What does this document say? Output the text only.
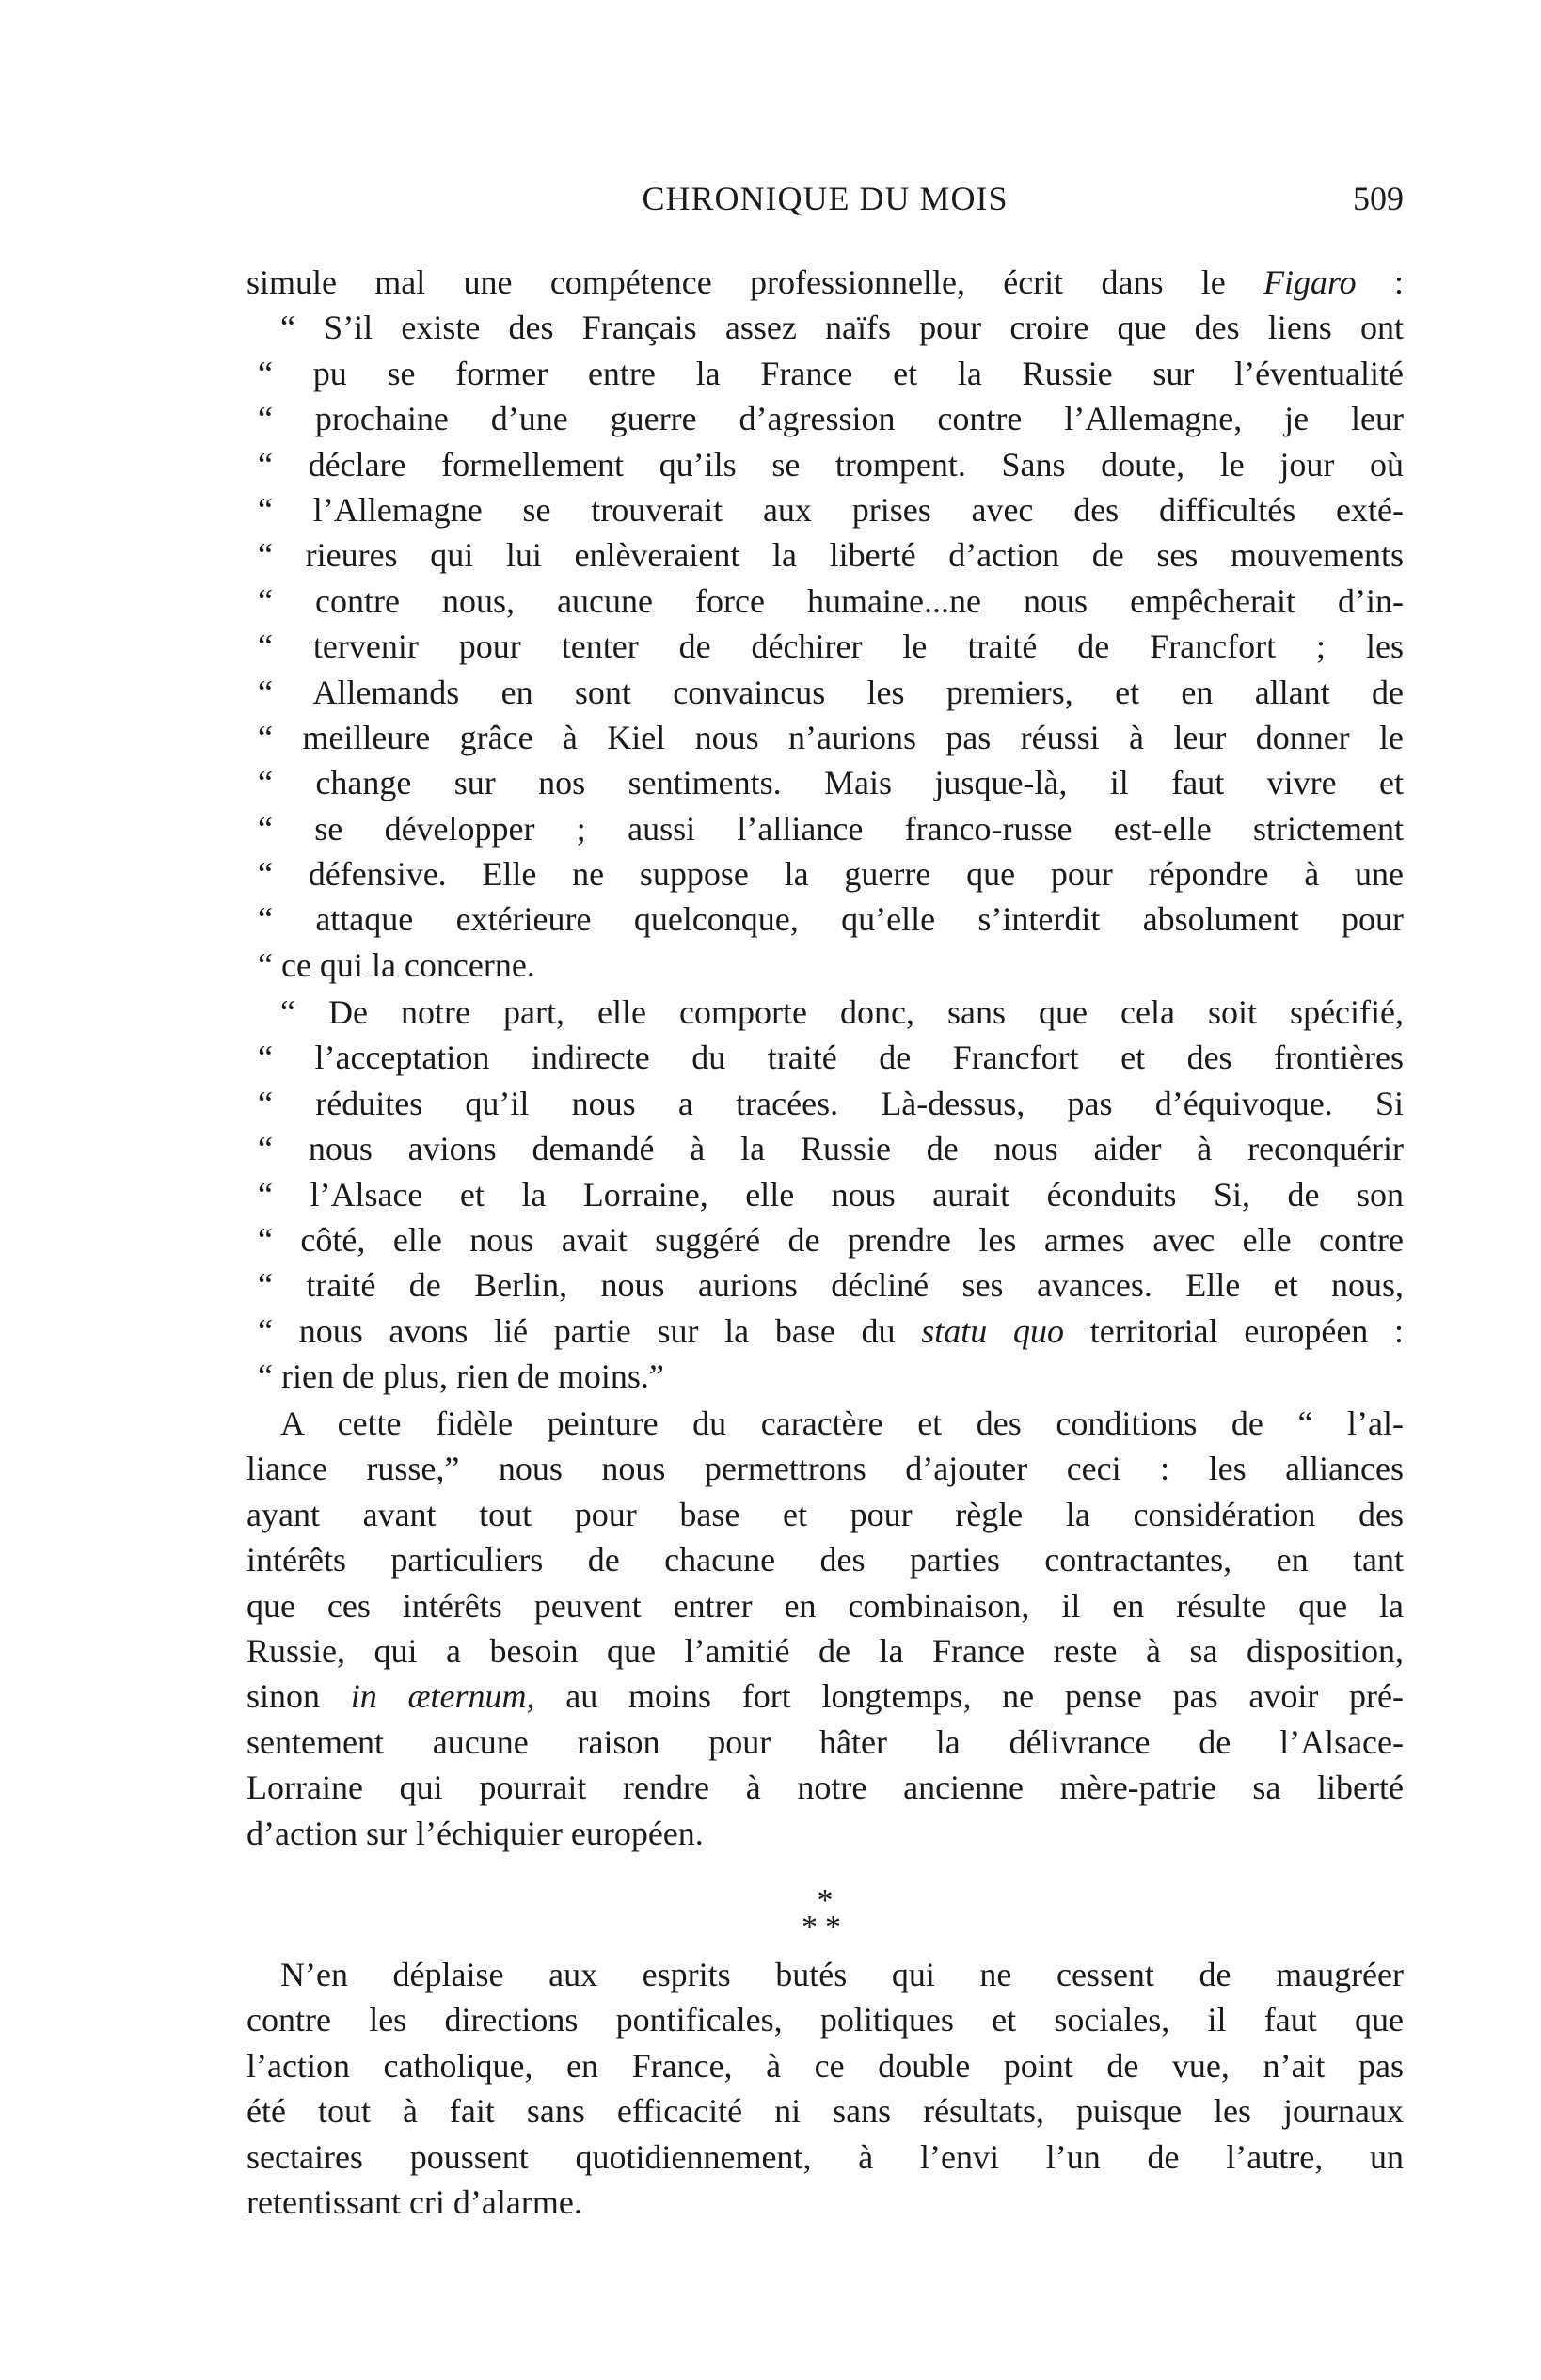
CHRONIQUE DU MOIS	509
simule mal une compétence professionnelle, écrit dans le Figaro :
“ S’il existe des Français assez naïfs pour croire que des liens ont
“ pu se former entre la France et la Russie sur l’éventualité
“ prochaine d’une guerre d’agression contre l’Allemagne, je leur
“ déclare formellement qu’ils se trompent. Sans doute, le jour où
“ l’Allemagne se trouverait aux prises avec des difficultés exté-
“ rieures qui lui enlèveraient la liberté d’action de ses mouvements
“ contre nous, aucune force humaine...ne nous empêcherait d’in-
“ tervenir pour tenter de déchirer le traité de Francfort ; les
“ Allemands en sont convaincus les premiers, et en allant de
“ meilleure grâce à Kiel nous n’aurions pas réussi à leur donner le
“ change sur nos sentiments. Mais jusque-là, il faut vivre et
“ se développer ; aussi l’alliance franco-russe est-elle strictement
“ défensive. Elle ne suppose la guerre que pour répondre à une
“ attaque extérieure quelconque, qu’elle s’interdit absolument pour
“ ce qui la concerne.
“ De notre part, elle comporte donc, sans que cela soit spécifié,
“ l’acceptation indirecte du traité de Francfort et des frontières
“ réduites qu’il nous a tracées. Là-dessus, pas d’équivoque. Si
“ nous avions demandé à la Russie de nous aider à reconquérir
“ l’Alsace et la Lorraine, elle nous aurait éconduits Si, de son
“ côté, elle nous avait suggéré de prendre les armes avec elle contre
“ traité de Berlin, nous aurions décliné ses avances. Elle et nous,
“ nous avons lié partie sur la base du statu quo territorial européen :
“ rien de plus, rien de moins.”
A cette fidèle peinture du caractère et des conditions de “ l’al-
liance russe,” nous nous permettrons d’ajouter ceci : les alliances
ayant avant tout pour base et pour règle la considération des
intérêts particuliers de chacune des parties contractantes, en tant
que ces intérêts peuvent entrer en combinaison, il en résulte que la
Russie, qui a besoin que l’amitié de la France reste à sa disposition,
sinon in æternum, au moins fort longtemps, ne pense pas avoir pré-
sentement aucune raison pour hâter la délivrance de l’Alsace-
Lorraine qui pourrait rendre à notre ancienne mère-patrie sa liberté
d’action sur l’échiquier européen.
*
**
N’en déplaise aux esprits butés qui ne cessent de maugréer
contre les directions pontificales, politiques et sociales, il faut que
l’action catholique, en France, à ce double point de vue, n’ait pas
été tout à fait sans efficacité ni sans résultats, puisque les journaux
sectaires poussent quotidiennement, à l’envi l’un de l’autre, un
retentissant cri d’alarme.
